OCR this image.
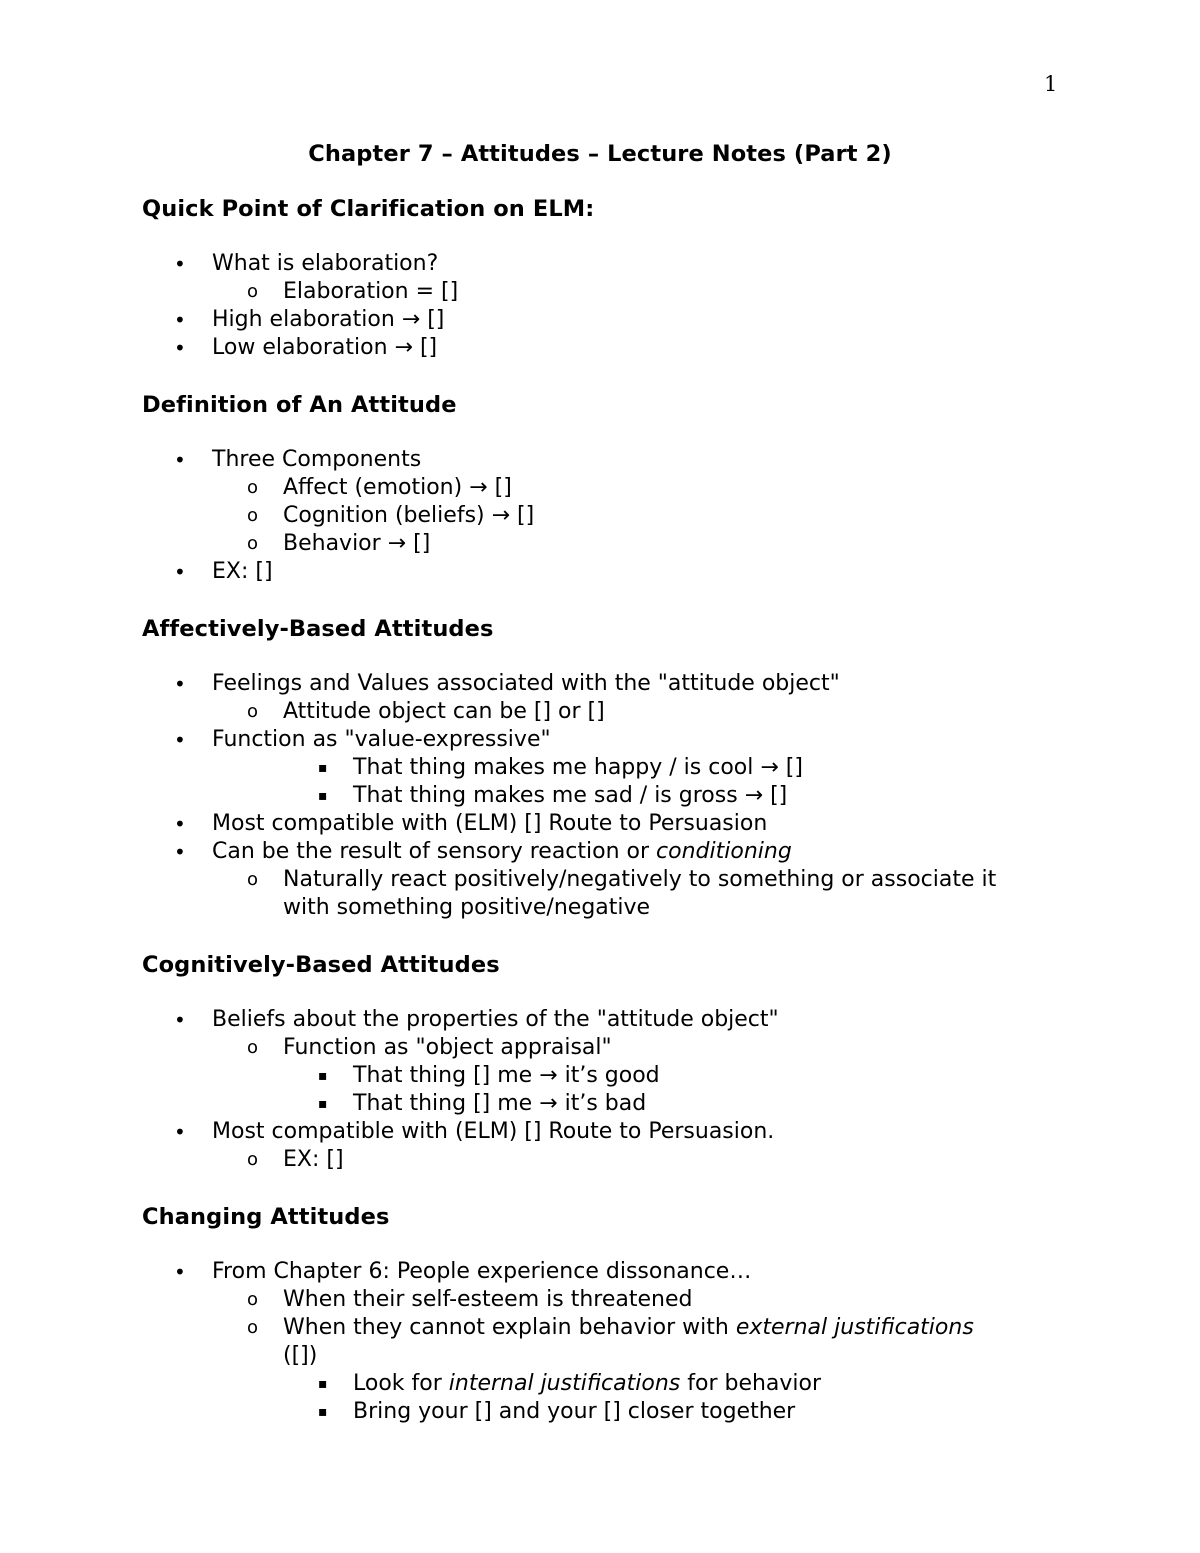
1
Chapter 7 – Attitudes – Lecture Notes (Part 2)
Quick Point of Clarification on ELM:
• What is elaboration?
o Elaboration = []
• High elaboration → []
• Low elaboration → []
Definition of An Attitude
• Three Components
o Affect (emotion) → []
o Cognition (beliefs) → []
o Behavior → []
• EX: []
Affectively-Based Attitudes
• Feelings and Values associated with the "attitude object"
o Attitude object can be [] or []
• Function as "value-expressive"
▪ That thing makes me happy / is cool → []
▪ That thing makes me sad / is gross → []
• Most compatible with (ELM) [] Route to Persuasion
• Can be the result of sensory reaction or conditioning
o Naturally react positively/negatively to something or associate it
with something positive/negative
Cognitively-Based Attitudes
• Beliefs about the properties of the "attitude object"
o Function as "object appraisal"
▪ That thing [] me → it’s good
▪ That thing [] me → it’s bad
• Most compatible with (ELM) [] Route to Persuasion.
o EX: []
Changing Attitudes
• From Chapter 6: People experience dissonance…
o When their self-esteem is threatened
o When they cannot explain behavior with external justifications
([])
▪ Look for internal justifications for behavior
▪ Bring your [] and your [] closer together
